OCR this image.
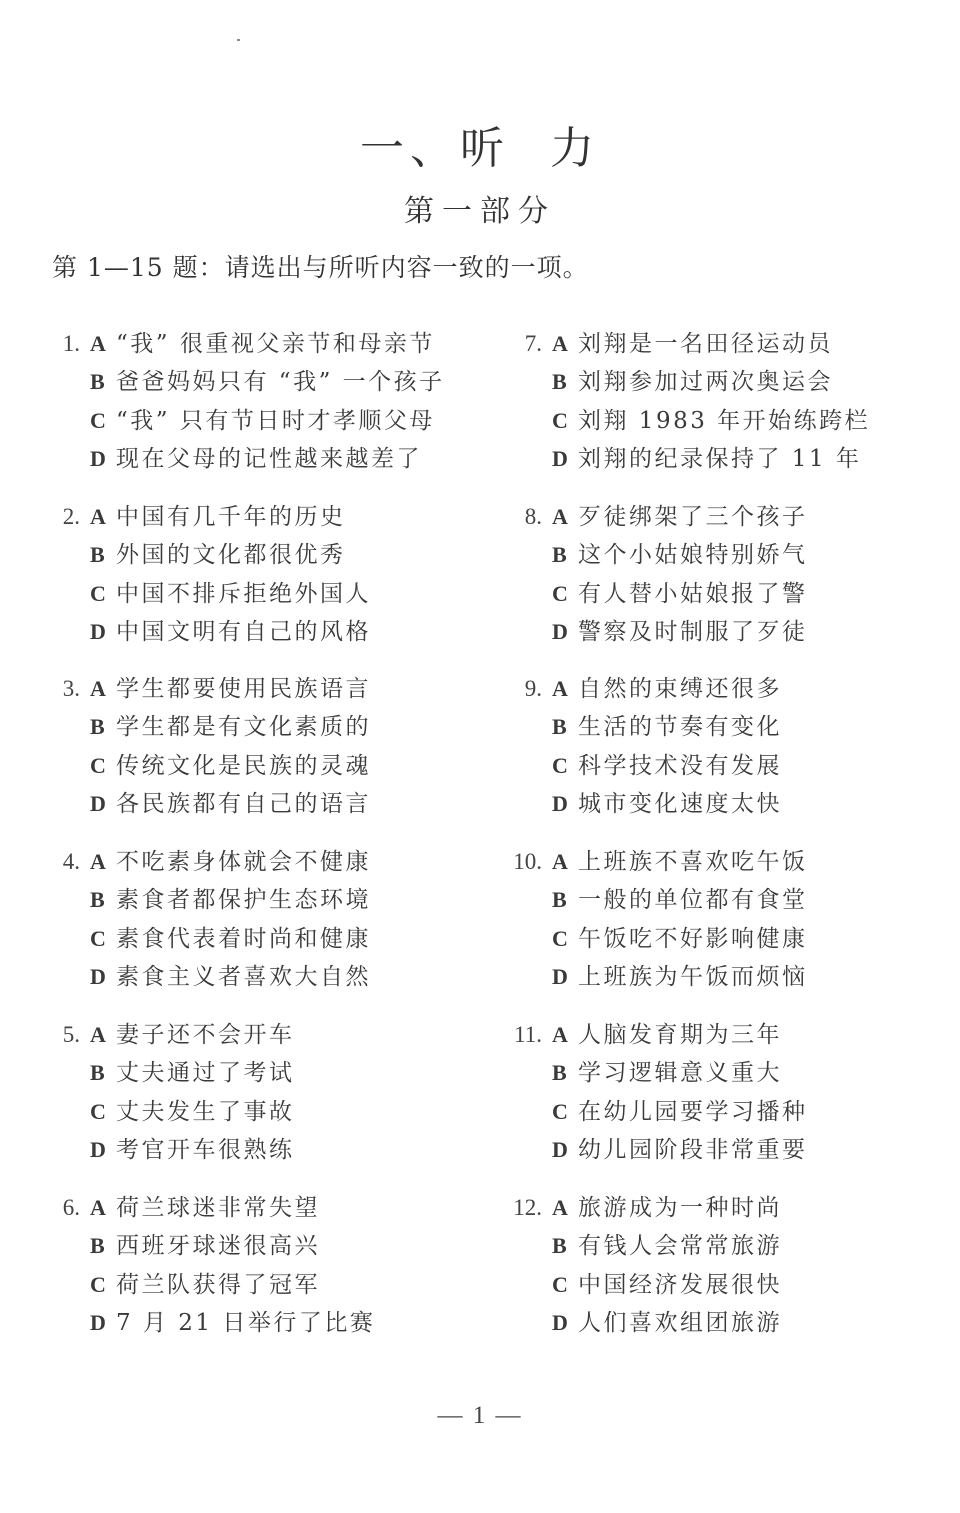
一、听 力
第一部分
第 1—15 题：请选出与所听内容一致的一项。
1. A “我” 很重视父亲节和母亲节
B 爸爸妈妈只有 “我” 一个孩子
C “我” 只有节日时才孝顺父母
D 现在父母的记性越来越差了
2. A 中国有几千年的历史
B 外国的文化都很优秀
C 中国不排斥拒绝外国人
D 中国文明有自己的风格
3. A 学生都要使用民族语言
B 学生都是有文化素质的
C 传统文化是民族的灵魂
D 各民族都有自己的语言
4. A 不吃素身体就会不健康
B 素食者都保护生态环境
C 素食代表着时尚和健康
D 素食主义者喜欢大自然
5. A 妻子还不会开车
B 丈夫通过了考试
C 丈夫发生了事故
D 考官开车很熟练
6. A 荷兰球迷非常失望
B 西班牙球迷很高兴
C 荷兰队获得了冠军
D 7 月 21 日举行了比赛
7. A 刘翔是一名田径运动员
B 刘翔参加过两次奥运会
C 刘翔 1983 年开始练跨栏
D 刘翔的纪录保持了 11 年
8. A 歹徒绑架了三个孩子
B 这个小姑娘特别娇气
C 有人替小姑娘报了警
D 警察及时制服了歹徒
9. A 自然的束缚还很多
B 生活的节奏有变化
C 科学技术没有发展
D 城市变化速度太快
10. A 上班族不喜欢吃午饭
B 一般的单位都有食堂
C 午饭吃不好影响健康
D 上班族为午饭而烦恼
11. A 人脑发育期为三年
B 学习逻辑意义重大
C 在幼儿园要学习播种
D 幼儿园阶段非常重要
12. A 旅游成为一种时尚
B 有钱人会常常旅游
C 中国经济发展很快
D 人们喜欢组团旅游
— 1 —
